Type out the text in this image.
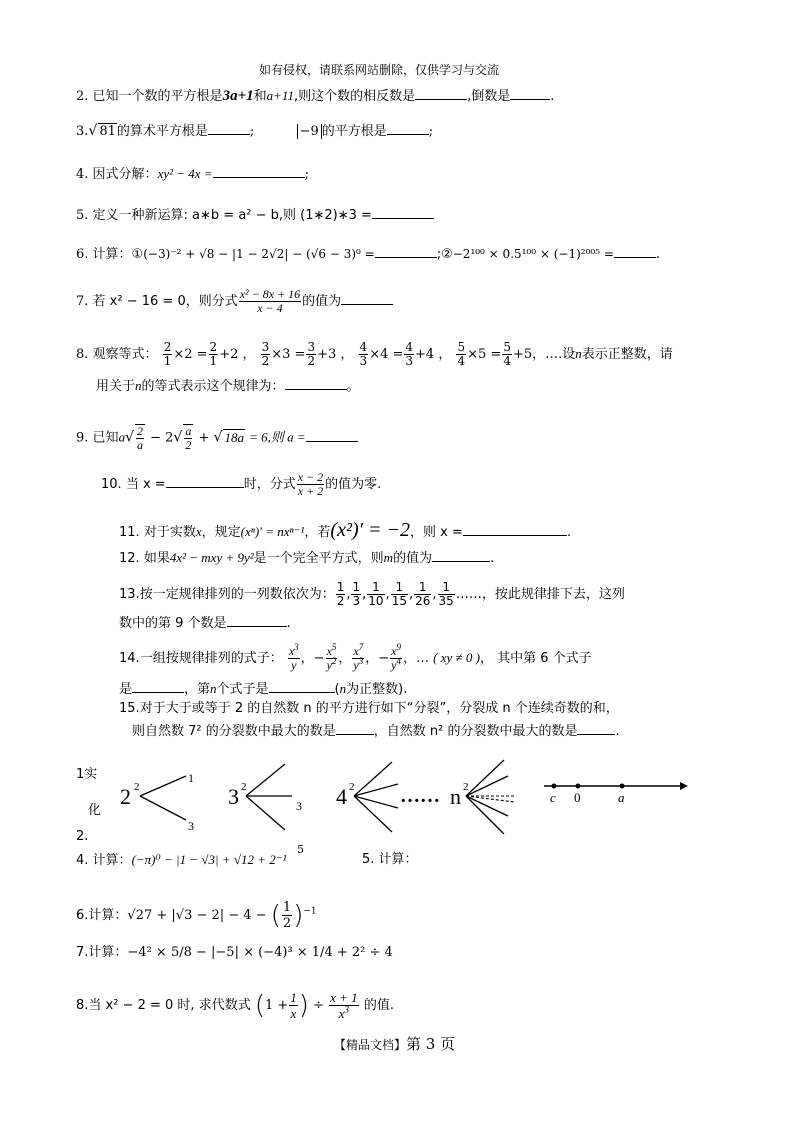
如有侵权，请联系网站删除，仅供学习与交流
2. 已知一个数的平方根是3a+1和a+11,则这个数的相反数是	,倒数是	.
3.√ 81的算术平方根是	;	−9 的平方根是	;
4. 因式分解：xy² − 4x =	;
5. 定义一种新运算: a∗b = a² − b,则 (1∗2)∗3 =
6. 计算：①(−3)⁻² + √8 − |1 − 2√2| − (√6 − 3)⁰ =	;②−2¹⁰⁰ × 0.5¹⁰⁰ × (−1)²⁰⁰⁵ =	.
7. 若 x² − 16 = 0，则分式 $\frac{\text{x² − 8x + 16}}{x - 4}$ 的值为
8. 观察等式： $\frac{2}{1} \times 2 = \frac{2}{1} +2$ ， $\frac{3}{2} \times 3 = \frac{3}{2} +3$ ， $\frac{4}{3} \times 4 = \frac{4}{3} +4$ ， $\frac{5}{4} \times 5 = \frac{5}{4} +5$，….设n表示正整数，请
用关于n的等式表示这个规律为：	。
9. 已知$a√ \frac{2}{a} - 2√ \frac{a}{2}$ + √ 18a = 6,则 a =
10. 当 x =	时，分式 $\frac{x - 2}{x + 2}$ 的值为零.
11. 对于实数x，规定(xⁿ)′ = nxⁿ⁻¹，若(x²)′ = −2，则 x =	.
12. 如果4x² − mxy + 9y²是一个完全平方式，则m的值为	.
13.按一定规律排列的一列数依次为： $\frac{1}{2}$ , $\frac{1}{3}$ , $\frac{1}{10}$ , $\frac{1}{15}$ , $\frac{1}{26}$ , $\frac{1}{35}$ ……，按此规律排下去，这列
数中的第 9 个数是	.
14.一组按规律排列的式子： $\frac{x^3}{y}$ ，− $\frac{x^5}{y^2}$ ， $\frac{x^7}{y^3}$ ，− $\frac{x^9}{y^4}$ ，… ( xy ≠ 0 )， 其中第 6 个式子
是	，第n个式子是	(n为正整数).
15.对于大于或等于 2 的自然数 n 的平方进行如下“分裂”，分裂成 n 个连续奇数的和，
则自然数 7² 的分裂数中最大的数是	，自然数 n² 的分裂数中最大的数是	.
1实
化
2 2
1
3
3 2
3 4 2 …… n 2
c 0	a
2.
4. 计算：(−π)⁰ − |1 − √3| + √12 + 2⁻¹
5
5. 计算：
6.计算：√27 + |√3 − 2| − 4 − ( $\frac{1}{2} )^{-1}$
7.计算：−4² × 5/8 − |−5| × (−4)³ × 1/4 + 2² ÷ 4
8.当 x² − 2 = 0 时, 求代数式 ($1 + \frac{1}{x}$ ) ÷ $\frac{x + 1}{x^3}$ 的值.
【精品文档】第 3 页
